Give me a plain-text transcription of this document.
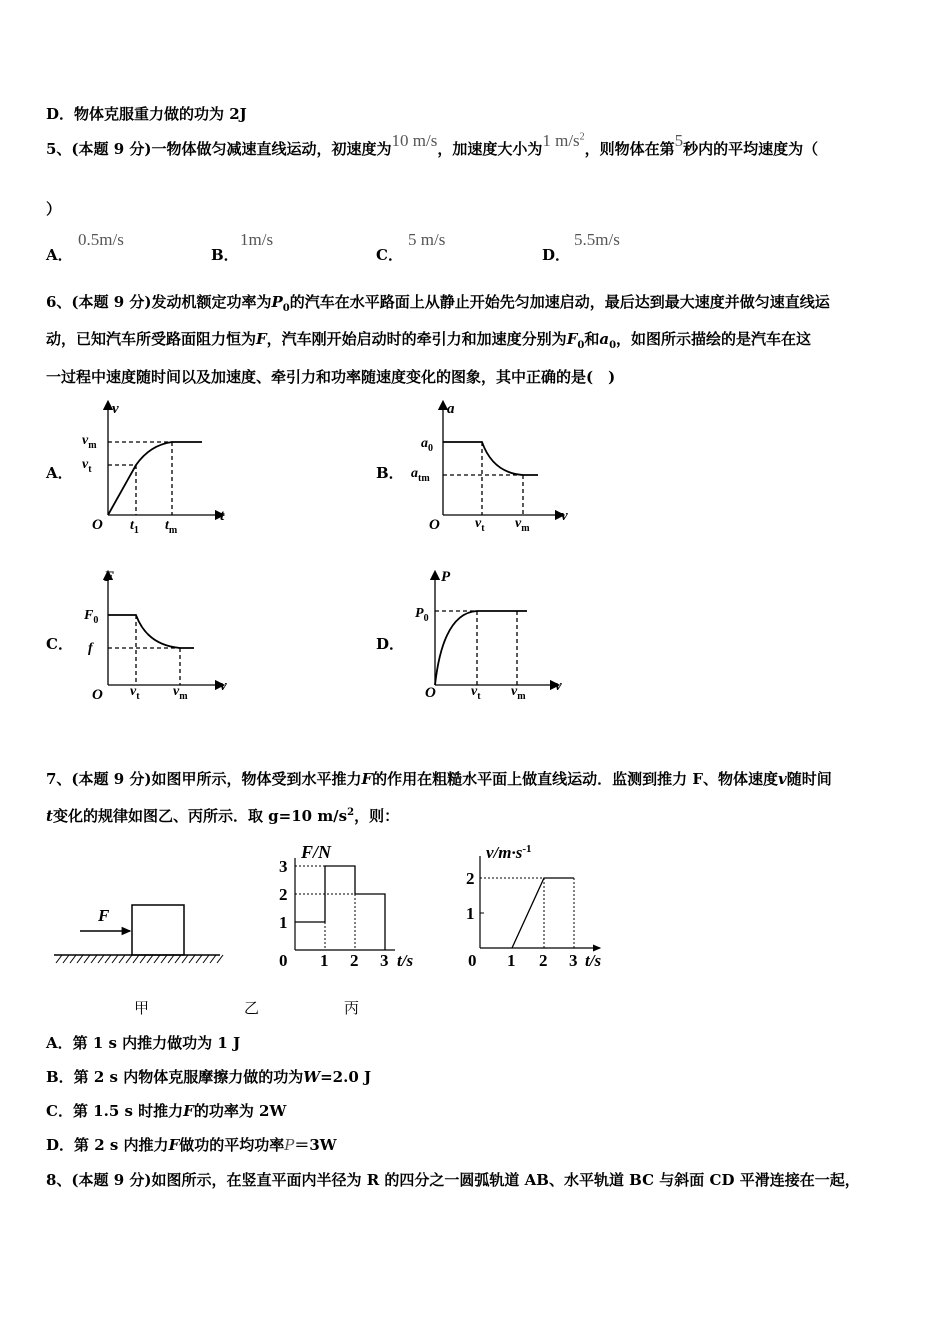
D．物体克服重力做的功为 2J
5、(本题 9 分)一物体做匀减速直线运动，初速度为10 m/s，加速度大小为1 $m/s^2$，则物体在第5秒内的平均速度为（
）
A．
0.5m/s
B．
1m/s
C．
5 m/s
D．
5.5m/s
6、(本题 9 分)发动机额定功率为$P_0$的汽车在水平路面上从静止开始先匀加速启动，最后达到最大速度并做匀速直线运
动，已知汽车所受路面阻力恒为F，汽车刚开始启动时的牵引力和加速度分别为$F_0$和$a_0$，如图所示描绘的是汽车在这
一过程中速度随时间以及加速度、牵引力和功率随速度变化的图象，其中正确的是(　)
A．	B．
C．	D．
v
t
O
$v_m$
$v_t$
$t_1$ $t_m$
a
v
O
$a_0$
$a_{tm}$
$v_t$ $v_m$
F
v
O
$F_0$
f
$v_t$ $v_m$
P
v
O
$P_0$
$v_t$ $v_m$
7、(本题 9 分)如图甲所示，物体受到水平推力F的作用在粗糙水平面上做直线运动．监测到推力 F、物体速度v随时间
t变化的规律如图乙、丙所示．取 g=10 $m/s^2$，则：
F
F/N
3
2
1
0 1 2 3 t/s
$v/m\cdot s^{-1}$
2
1
0 1 2 3 t/s
甲	乙	丙
A．第 1 s 内推力做功为 1 J
B．第 2 s 内物体克服摩擦力做的功为W=2.0 J
C．第 1.5 s 时推力F的功率为 2W
D．第 2 s 内推力F做功的平均功率P＝3W
8、(本题 9 分)如图所示，在竖直平面内半径为 R 的四分之一圆弧轨道 AB、水平轨道 BC 与斜面 CD 平滑连接在一起，
